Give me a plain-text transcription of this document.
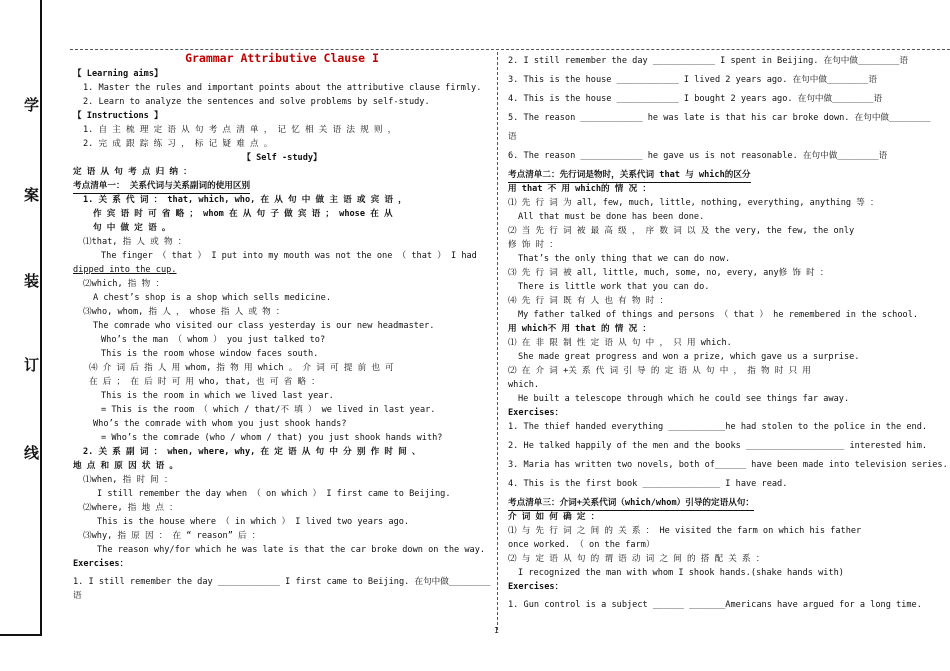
学
案
装
订
线
Grammar Attributive Clause I
【 Learning aims】
1. Master the rules and important points about the attributive clause firmly.
2. Learn to analyze the sentences and solve problems by self-study.
【 Instructions 】
1. 自 主 梳 理 定 语 从 句 考 点 清 单 ， 记 忆 相 关 语 法 规 则 ，
2. 完 成 跟 踪 练 习 ， 标 记 疑 难 点 。
【 Self -study】
定 语 从 句 考 点 归 纳 ：
考点清单一： 关系代词与关系副词的使用区别
1. 关 系 代 词 ： that, which, who, 在 从 句 中 做 主 语 或 宾 语 ，
作 宾 语 时 可 省 略 ； whom 在 从 句 子 做 宾 语 ； whose 在 从
句 中 做 定 语 。
⑴that, 指 人 或 物 ：
The finger （ that ） I put into my mouth was not the one （ that ） I had
dipped into the cup.
⑵which, 指 物 ：
A chest’s shop is a shop which sells medicine.
⑶who, whom, 指 人 ， whose 指 人 或 物 ：
The comrade who visited our class yesterday is our new headmaster.
Who’s the man （ whom ） you just talked to?
This is the room whose window faces south.
⑷ 介 词 后 指 人 用 whom, 指 物 用 which 。 介 词 可 提 前 也 可
在 后 ； 在 后 时 可 用 who, that, 也 可 省 略 ：
This is the room in which we lived last year.
= This is the room （ which / that/不 填 ） we lived in last year.
Who’s the comrade with whom you just shook hands?
= Who’s the comrade (who / whom / that) you just shook hands with?
2. 关 系 副 词 ： when, where, why, 在 定 语 从 句 中 分 别 作 时 间 、
地 点 和 原 因 状 语 。
⑴when, 指 时 间 ：
I still remember the day when （ on which ） I first came to Beijing.
⑵where, 指 地 点 ：
This is the house where （ in which ） I lived two years ago.
⑶why, 指 原 因 ： 在 “ reason” 后 ：
The reason why/for which he was late is that the car broke down on the way.
Exercises：
1. I still remember the day ____________ I first came to Beijing. 在句中做________
语
2. I still remember the day ____________ I spent in Beijing. 在句中做________语
3. This is the house ____________ I lived 2 years ago. 在句中做________语
4. This is the house ____________ I bought 2 years ago. 在句中做________语
5. The reason ____________ he was late is that his car broke down. 在句中做________
语
6. The reason ____________ he gave us is not reasonable. 在句中做________语
考点清单二：先行词是物时，关系代词 that 与 which的区分
用 that 不 用 which的 情 况 ：
⑴ 先 行 词 为 all, few, much, little, nothing, everything, anything 等 ：
All that must be done has been done.
⑵ 当 先 行 词 被 最 高 级 ， 序 数 词 以 及 the very, the few, the only
修 饰 时 ：
That’s the only thing that we can do now.
⑶ 先 行 词 被 all, little, much, some, no, every, any修 饰 时 ：
There is little work that you can do.
⑷ 先 行 词 既 有 人 也 有 物 时 ：
My father talked of things and persons （ that ） he remembered in the school.
用 which不 用 that 的 情 况 ：
⑴ 在 非 限 制 性 定 语 从 句 中 ， 只 用 which.
She made great progress and won a prize, which gave us a surprise.
⑵ 在 介 词 +关 系 代 词 引 导 的 定 语 从 句 中 ， 指 物 时 只 用
which.
He built a telescope through which he could see things far away.
Exercises：
1. The thief handed everything ___________he had stolen to the police in the end.
2. He talked happily of the men and the books ___________________ interested him.
3. Maria has written two novels, both of______ have been made into television series.
4. This is the first book _______________ I have read.
考点清单三：介词+关系代词（which/whom）引导的定语从句：
介 词 如 何 确 定 ：
⑴ 与 先 行 词 之 间 的 关 系 ： He visited the farm on which his father
once worked. （ on the farm）
⑵ 与 定 语 从 句 的 谓 语 动 词 之 间 的 搭 配 关 系 ：
I recognized the man with whom I shook hands.(shake hands with)
Exercises：
1. Gun control is a subject ______ _______Americans have argued for a long time.
1
